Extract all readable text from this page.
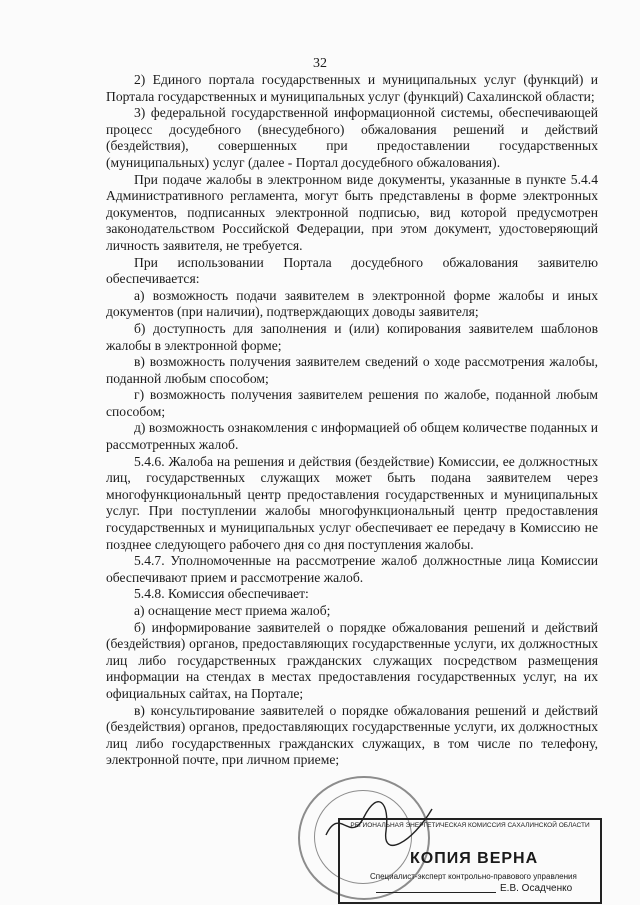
32

2) Единого портала государственных и муниципальных услуг (функций) и Портала государственных и муниципальных услуг (функций) Сахалинской области;

3) федеральной государственной информационной системы, обеспечивающей процесс досудебного (внесудебного) обжалования решений и действий (бездействия), совершенных при предоставлении государственных (муниципальных) услуг (далее - Портал досудебного обжалования).

При подаче жалобы в электронном виде документы, указанные в пункте 5.4.4 Административного регламента, могут быть представлены в форме электронных документов, подписанных электронной подписью, вид которой предусмотрен законодательством Российской Федерации, при этом документ, удостоверяющий личность заявителя, не требуется.

При использовании Портала досудебного обжалования заявителю обеспечивается:

а) возможность подачи заявителем в электронной форме жалобы и иных документов (при наличии), подтверждающих доводы заявителя;

б) доступность для заполнения и (или) копирования заявителем шаблонов жалобы в электронной форме;

в) возможность получения заявителем сведений о ходе рассмотрения жалобы, поданной любым способом;

г) возможность получения заявителем решения по жалобе, поданной любым способом;

д) возможность ознакомления с информацией об общем количестве поданных и рассмотренных жалоб.

5.4.6. Жалоба на решения и действия (бездействие) Комиссии, ее должностных лиц, государственных служащих может быть подана заявителем через многофункциональный центр предоставления государственных и муниципальных услуг. При поступлении жалобы многофункциональный центр предоставления государственных и муниципальных услуг обеспечивает ее передачу в Комиссию не позднее следующего рабочего дня со дня поступления жалобы.

5.4.7. Уполномоченные на рассмотрение жалоб должностные лица Комиссии обеспечивают прием и рассмотрение жалоб.

5.4.8. Комиссия обеспечивает:

а) оснащение мест приема жалоб;

б) информирование заявителей о порядке обжалования решений и действий (бездействия) органов, предоставляющих государственные услуги, их должностных лиц либо государственных гражданских служащих посредством размещения информации на стендах в местах предоставления государственных услуг, на их официальных сайтах, на Портале;

в) консультирование заявителей о порядке обжалования решений и действий (бездействия) органов, предоставляющих государственные услуги, их должностных лиц либо государственных гражданских служащих, в том числе по телефону, электронной почте, при личном приеме;

РЕГИОНАЛЬНАЯ ЭНЕРГЕТИЧЕСКАЯ КОМИССИЯ САХАЛИНСКОЙ ОБЛАСТИ
КОПИЯ ВЕРНА
Специалист-эксперт контрольно-правового управления
Е.В. Осадченко
